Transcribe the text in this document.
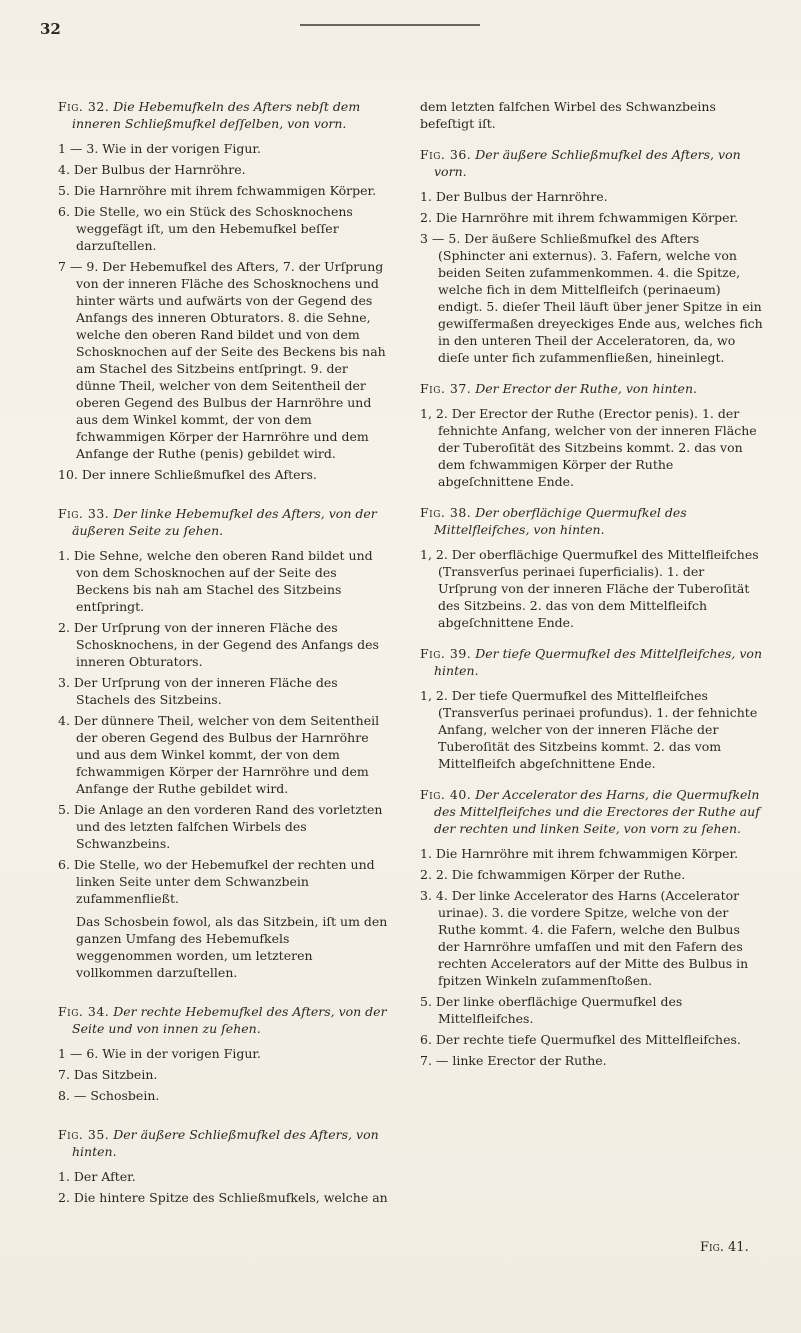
32
Fig. 32. Die Hebemufkeln des Afters nebſt dem inneren Schließmufkel deſſelben, von vorn.
1 — 3. Wie in der vorigen Figur.
4. Der Bulbus der Harnröhre.
5. Die Harnröhre mit ihrem fchwammigen Körper.
6. Die Stelle, wo ein Stück des Schosknochens weggefägt iſt, um den Hebemufkel beſſer darzuſtellen.
7 — 9. Der Hebemufkel des Afters, 7. der Urſprung von der inneren Fläche des Schosknochens und hinter wärts und aufwärts von der Gegend des Anfangs des inneren Obturators. 8. die Sehne, welche den oberen Rand bildet und von dem Schosknochen auf der Seite des Beckens bis nah am Stachel des Sitzbeins entſpringt. 9. der dünne Theil, welcher von dem Seitentheil der oberen Gegend des Bulbus der Harnröhre und aus dem Winkel kommt, der von dem fchwammigen Körper der Harnröhre und dem Anfange der Ruthe (penis) gebildet wird.
10. Der innere Schließmufkel des Afters.
Fig. 33. Der linke Hebemufkel des Afters, von der äußeren Seite zu ſehen.
1. Die Sehne, welche den oberen Rand bildet und von dem Schosknochen auf der Seite des Beckens bis nah am Stachel des Sitzbeins entſpringt.
2. Der Urſprung von der inneren Fläche des Schosknochens, in der Gegend des Anfangs des inneren Obturators.
3. Der Urſprung von der inneren Fläche des Stachels des Sitzbeins.
4. Der dünnere Theil, welcher von dem Seitentheil der oberen Gegend des Bulbus der Harnröhre und aus dem Winkel kommt, der von dem fchwammigen Körper der Harnröhre und dem Anfange der Ruthe gebildet wird.
5. Die Anlage an den vorderen Rand des vorletzten und des letzten falfchen Wirbels des Schwanzbeins.
6. Die Stelle, wo der Hebemufkel der rechten und linken Seite unter dem Schwanzbein zufammenfließt.
Das Schosbein fowol, als das Sitzbein, iſt um den ganzen Umfang des Hebemufkels weggenommen worden, um letzteren vollkommen darzuſtellen.
Fig. 34. Der rechte Hebemufkel des Afters, von der Seite und von innen zu ſehen.
1 — 6. Wie in der vorigen Figur.
7. Das Sitzbein.
8. — Schosbein.
Fig. 35. Der äußere Schließmufkel des Afters, von hinten.
1. Der After.
2. Die hintere Spitze des Schließmufkels, welche an
dem letzten falfchen Wirbel des Schwanzbeins befeſtigt iſt.
Fig. 36. Der äußere Schließmufkel des Afters, von vorn.
1. Der Bulbus der Harnröhre.
2. Die Harnröhre mit ihrem fchwammigen Körper.
3 — 5. Der äußere Schließmufkel des Afters (Sphincter ani externus). 3. Fafern, welche von beiden Seiten zufammenkommen. 4. die Spitze, welche fich in dem Mittelfleifch (perinaeum) endigt. 5. dieſer Theil läuft über jener Spitze in ein gewiſfermaßen dreyeckiges Ende aus, welches fich in den unteren Theil der Acceleratoren, da, wo dieſe unter fich zufammenfließen, hineinlegt.
Fig. 37. Der Erector der Ruthe, von hinten.
1, 2. Der Erector der Ruthe (Erector penis). 1. der fehnichte Anfang, welcher von der inneren Fläche der Tuberoſität des Sitzbeins kommt. 2. das von dem fchwammigen Körper der Ruthe abgeſchnittene Ende.
Fig. 38. Der oberflächige Quermufkel des Mittelfleifches, von hinten.
1, 2. Der oberflächige Quermufkel des Mittelfleifches (Transverſus perinaei ſuperficialis). 1. der Urſprung von der inneren Fläche der Tuberoſität des Sitzbeins. 2. das von dem Mittelfleifch abgeſchnittene Ende.
Fig. 39. Der tiefe Quermufkel des Mittelfleifches, von hinten.
1, 2. Der tiefe Quermufkel des Mittelfleifches (Transverſus perinaei profundus). 1. der fehnichte Anfang, welcher von der inneren Fläche der Tuberoſität des Sitzbeins kommt. 2. das vom Mittelfleifch abgeſchnittene Ende.
Fig. 40. Der Accelerator des Harns, die Quermufkeln des Mittelfleifches und die Erectores der Ruthe auf der rechten und linken Seite, von vorn zu ſehen.
1. Die Harnröhre mit ihrem fchwammigen Körper.
2. 2. Die fchwammigen Körper der Ruthe.
3. 4. Der linke Accelerator des Harns (Accelerator urinae). 3. die vordere Spitze, welche von der Ruthe kommt. 4. die Fafern, welche den Bulbus der Harnröhre umfaſſen und mit den Fafern des rechten Accelerators auf der Mitte des Bulbus in fpitzen Winkeln zuſammenſtoßen.
5. Der linke oberflächige Quermufkel des Mittelfleifches.
6. Der rechte tiefe Quermufkel des Mittelfleifches.
7. — linke Erector der Ruthe.
Fig. 41.
